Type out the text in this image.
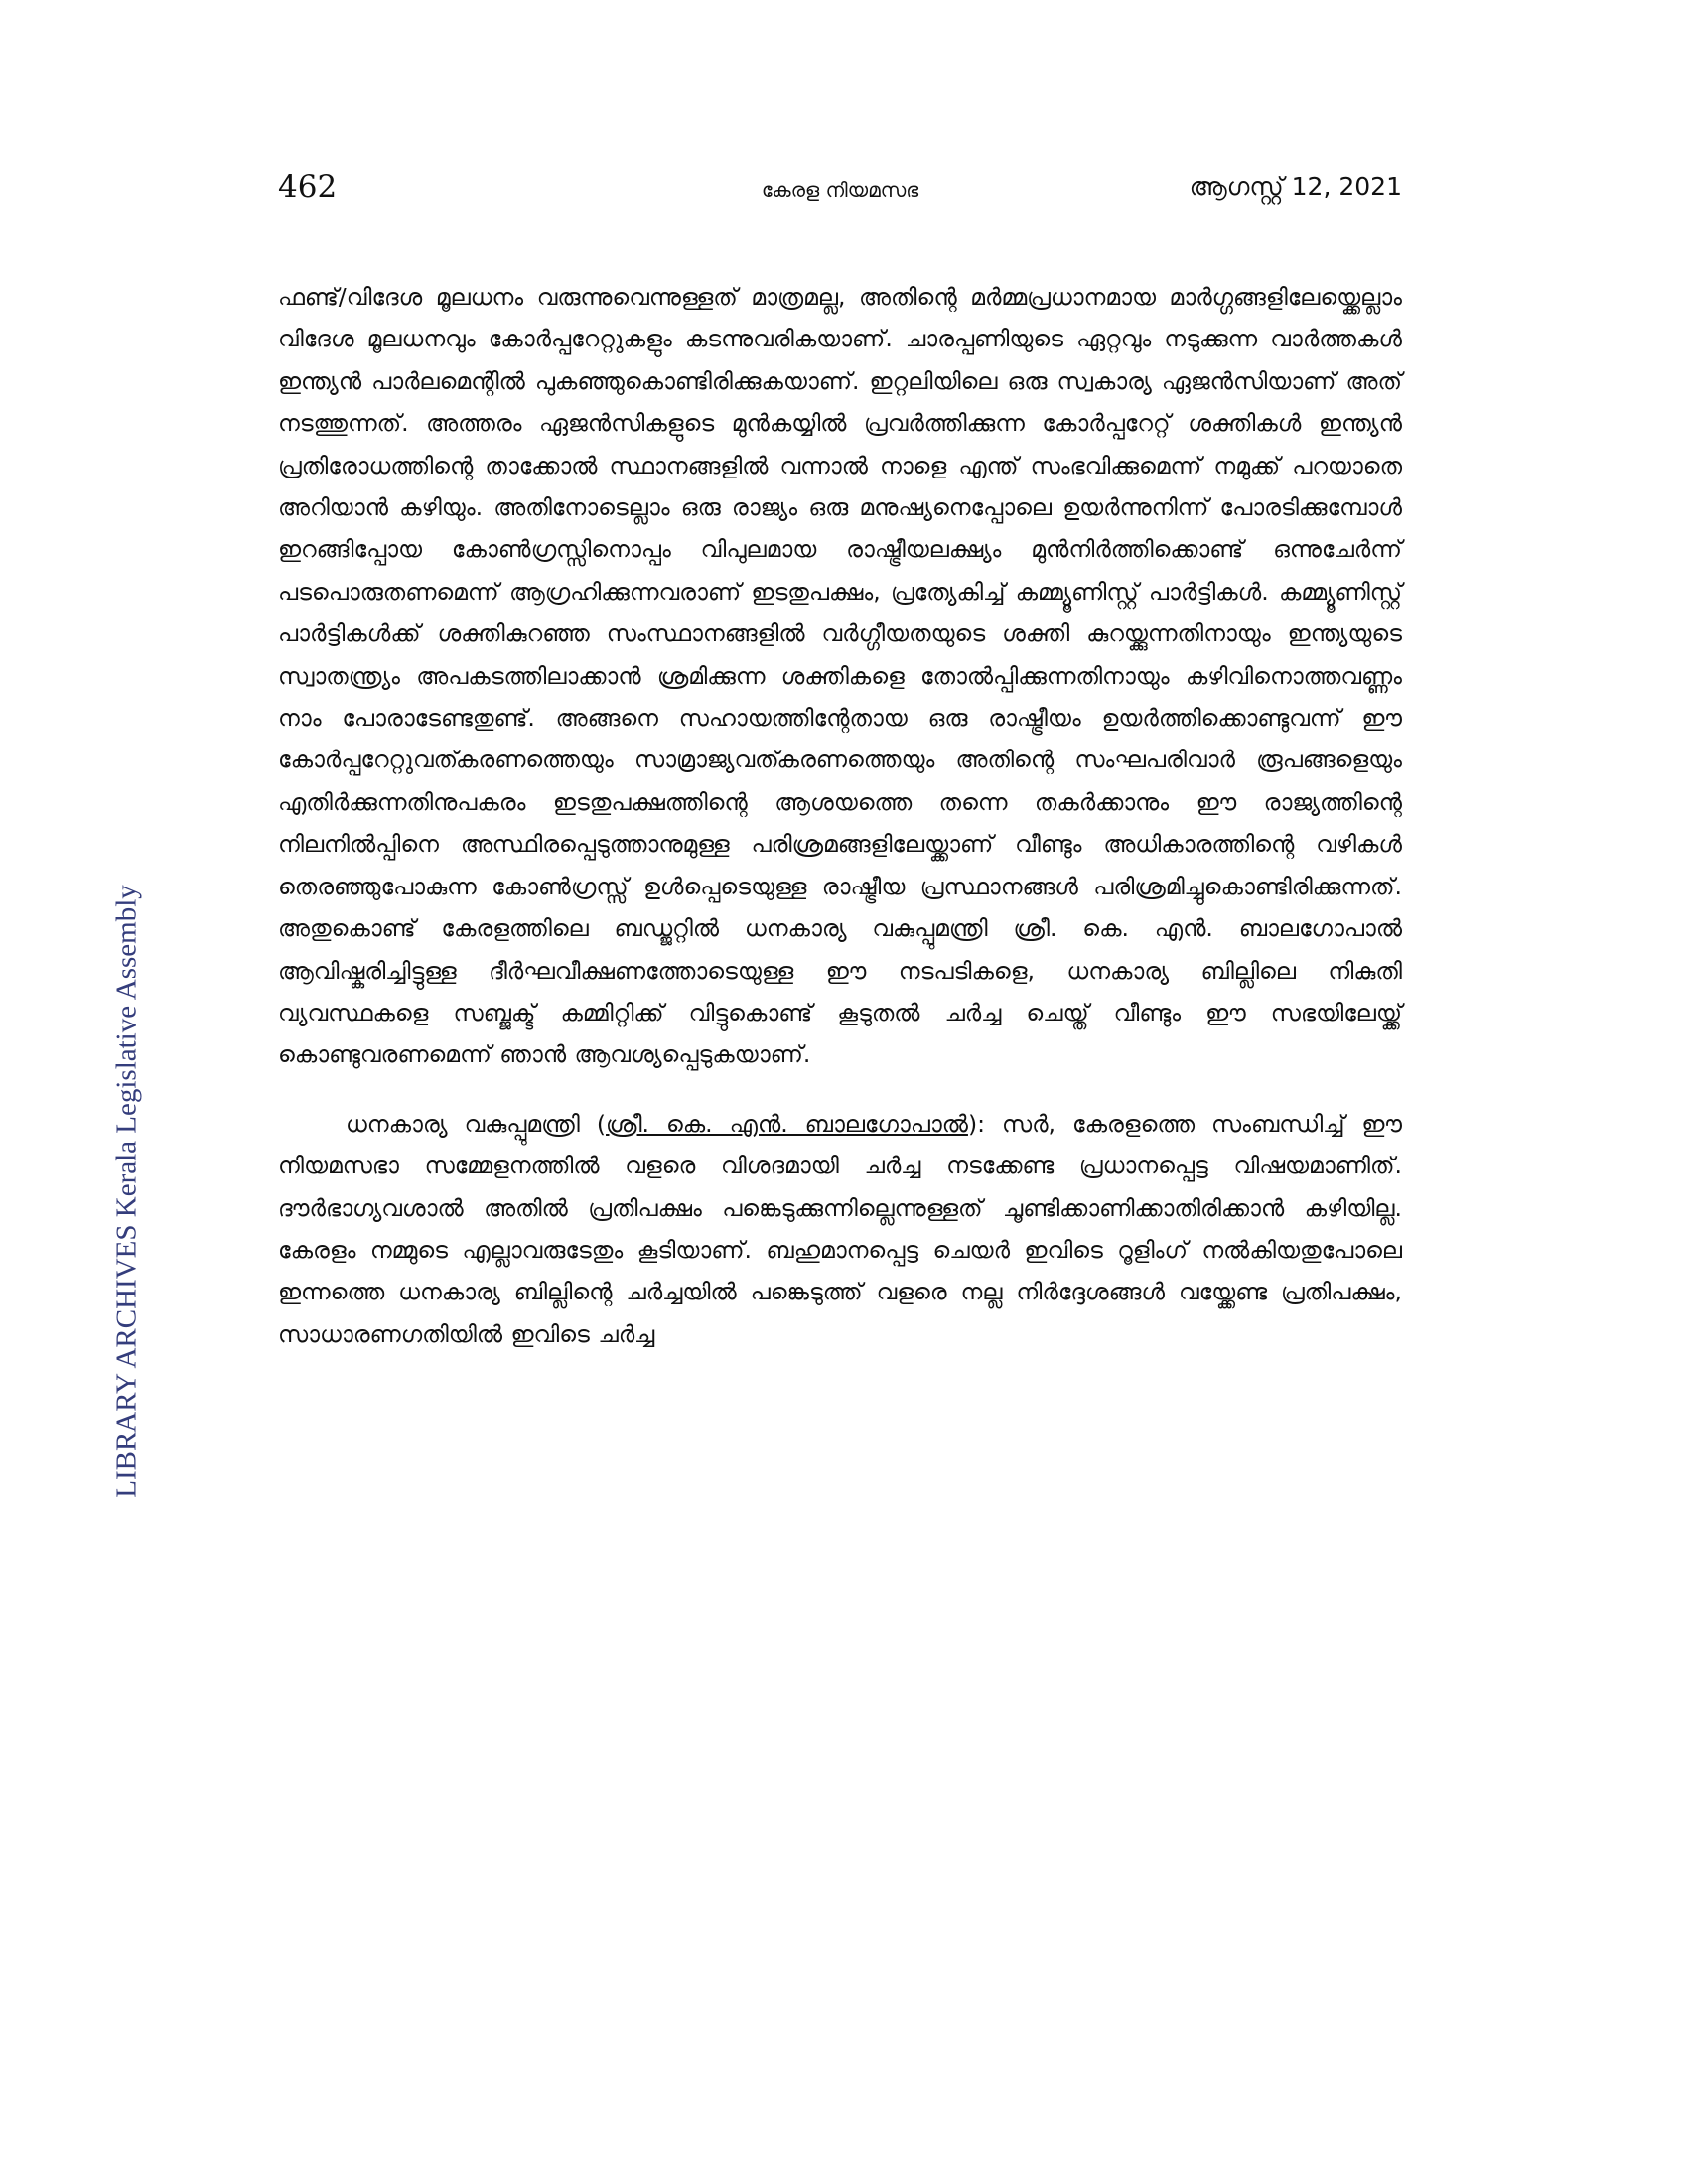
462	കേരള നിയമസഭ	ആഗസ്റ്റ് 12, 2021
LIBRARY ARCHIVES Kerala Legislative Assembly

ഫണ്ട്/വിദേശ മൂലധനം വരുന്നുവെന്നുള്ളത് മാത്രമല്ല, അതിന്റെ മർമ്മപ്രധാനമായ മാർഗ്ഗങ്ങളിലേയ്ക്കെല്ലാം വിദേശ മൂലധനവും കോർപ്പറേറ്റുകളും കടന്നുവരികയാണ്. ചാരപ്പണിയുടെ ഏറ്റവും നടുക്കുന്ന വാർത്തകൾ ഇന്ത്യൻ പാർലമെന്റിൽ പുകഞ്ഞുകൊണ്ടിരിക്കുകയാണ്. ഇറ്റലിയിലെ ഒരു സ്വകാര്യ ഏജൻസിയാണ് അത് നടത്തുന്നത്. അത്തരം ഏജൻസികളുടെ മുൻകയ്യിൽ പ്രവർത്തിക്കുന്ന കോർപ്പറേറ്റ് ശക്തികൾ ഇന്ത്യൻ പ്രതിരോധത്തിന്റെ താക്കോൽ സ്ഥാനങ്ങളിൽ വന്നാൽ നാളെ എന്ത് സംഭവിക്കുമെന്ന് നമുക്ക് പറയാതെ അറിയാൻ കഴിയും. അതിനോടെല്ലാം ഒരു രാജ്യം ഒരു മനുഷ്യനെപ്പോലെ ഉയർന്നുനിന്ന് പോരടിക്കുമ്പോൾ ഇറങ്ങിപ്പോയ കോൺഗ്രസ്സിനൊപ്പം വിപുലമായ രാഷ്ട്രീയലക്ഷ്യം മുൻനിർത്തിക്കൊണ്ട് ഒന്നുചേർന്ന് പടപൊരുതണമെന്ന് ആഗ്രഹിക്കുന്നവരാണ് ഇടതുപക്ഷം, പ്രത്യേകിച്ച് കമ്മ്യൂണിസ്റ്റ് പാർട്ടികൾ. കമ്മ്യൂണിസ്റ്റ് പാർട്ടികൾക്ക് ശക്തികുറഞ്ഞ സംസ്ഥാനങ്ങളിൽ വർഗ്ഗീയതയുടെ ശക്തി കുറയ്ക്കുന്നതിനായും ഇന്ത്യയുടെ സ്വാതന്ത്ര്യം അപകടത്തിലാക്കാൻ ശ്രമിക്കുന്ന ശക്തികളെ തോൽപ്പിക്കുന്നതിനായും കഴിവിനൊത്തവണ്ണം നാം പോരാടേണ്ടതുണ്ട്. അങ്ങനെ സഹായത്തിന്റേതായ ഒരു രാഷ്ട്രീയം ഉയർത്തിക്കൊണ്ടുവന്ന് ഈ കോർപ്പറേറ്റുവത്കരണത്തെയും സാമ്രാജ്യവത്കരണത്തെയും അതിന്റെ സംഘപരിവാർ രൂപങ്ങളെയും എതിർക്കുന്നതിനുപകരം ഇടതുപക്ഷത്തിന്റെ ആശയത്തെ തന്നെ തകർക്കാനും ഈ രാജ്യത്തിന്റെ നിലനിൽപ്പിനെ അസ്ഥിരപ്പെടുത്താനുമുള്ള പരിശ്രമങ്ങളിലേയ്ക്കാണ് വീണ്ടും അധികാരത്തിന്റെ വഴികൾ തെരഞ്ഞുപോകുന്ന കോൺഗ്രസ്സ് ഉൾപ്പെടെയുള്ള രാഷ്ട്രീയ പ്രസ്ഥാനങ്ങൾ പരിശ്രമിച്ചുകൊണ്ടിരിക്കുന്നത്. അതുകൊണ്ട് കേരളത്തിലെ ബഡ്ജറ്റിൽ ധനകാര്യ വകുപ്പുമന്ത്രി ശ്രീ. കെ. എൻ. ബാലഗോപാൽ ആവിഷ്കരിച്ചിട്ടുള്ള ദീർഘവീക്ഷണത്തോടെയുള്ള ഈ നടപടികളെ, ധനകാര്യ ബില്ലിലെ നികുതി വ്യവസ്ഥകളെ സബ്ജക്ട് കമ്മിറ്റിക്ക് വിട്ടുകൊണ്ട് കൂടുതൽ ചർച്ച ചെയ്ത് വീണ്ടും ഈ സഭയിലേയ്ക്ക് കൊണ്ടുവരണമെന്ന് ഞാൻ ആവശ്യപ്പെടുകയാണ്.

ധനകാര്യ വകുപ്പുമന്ത്രി (ശ്രീ. കെ. എൻ. ബാലഗോപാൽ): സർ, കേരളത്തെ സംബന്ധിച്ച് ഈ നിയമസഭാ സമ്മേളനത്തിൽ വളരെ വിശദമായി ചർച്ച നടക്കേണ്ട പ്രധാനപ്പെട്ട വിഷയമാണിത്. ദൗർഭാഗ്യവശാൽ അതിൽ പ്രതിപക്ഷം പങ്കെടുക്കുന്നില്ലെന്നുള്ളത് ചൂണ്ടിക്കാണിക്കാതിരിക്കാൻ കഴിയില്ല. കേരളം നമ്മുടെ എല്ലാവരുടേതും കൂടിയാണ്. ബഹുമാനപ്പെട്ട ചെയർ ഇവിടെ റൂളിംഗ് നൽകിയതുപോലെ ഇന്നത്തെ ധനകാര്യ ബില്ലിന്റെ ചർച്ചയിൽ പങ്കെടുത്ത് വളരെ നല്ല നിർദ്ദേശങ്ങൾ വയ്ക്കേണ്ട പ്രതിപക്ഷം, സാധാരണഗതിയിൽ ഇവിടെ ചർച്ച
